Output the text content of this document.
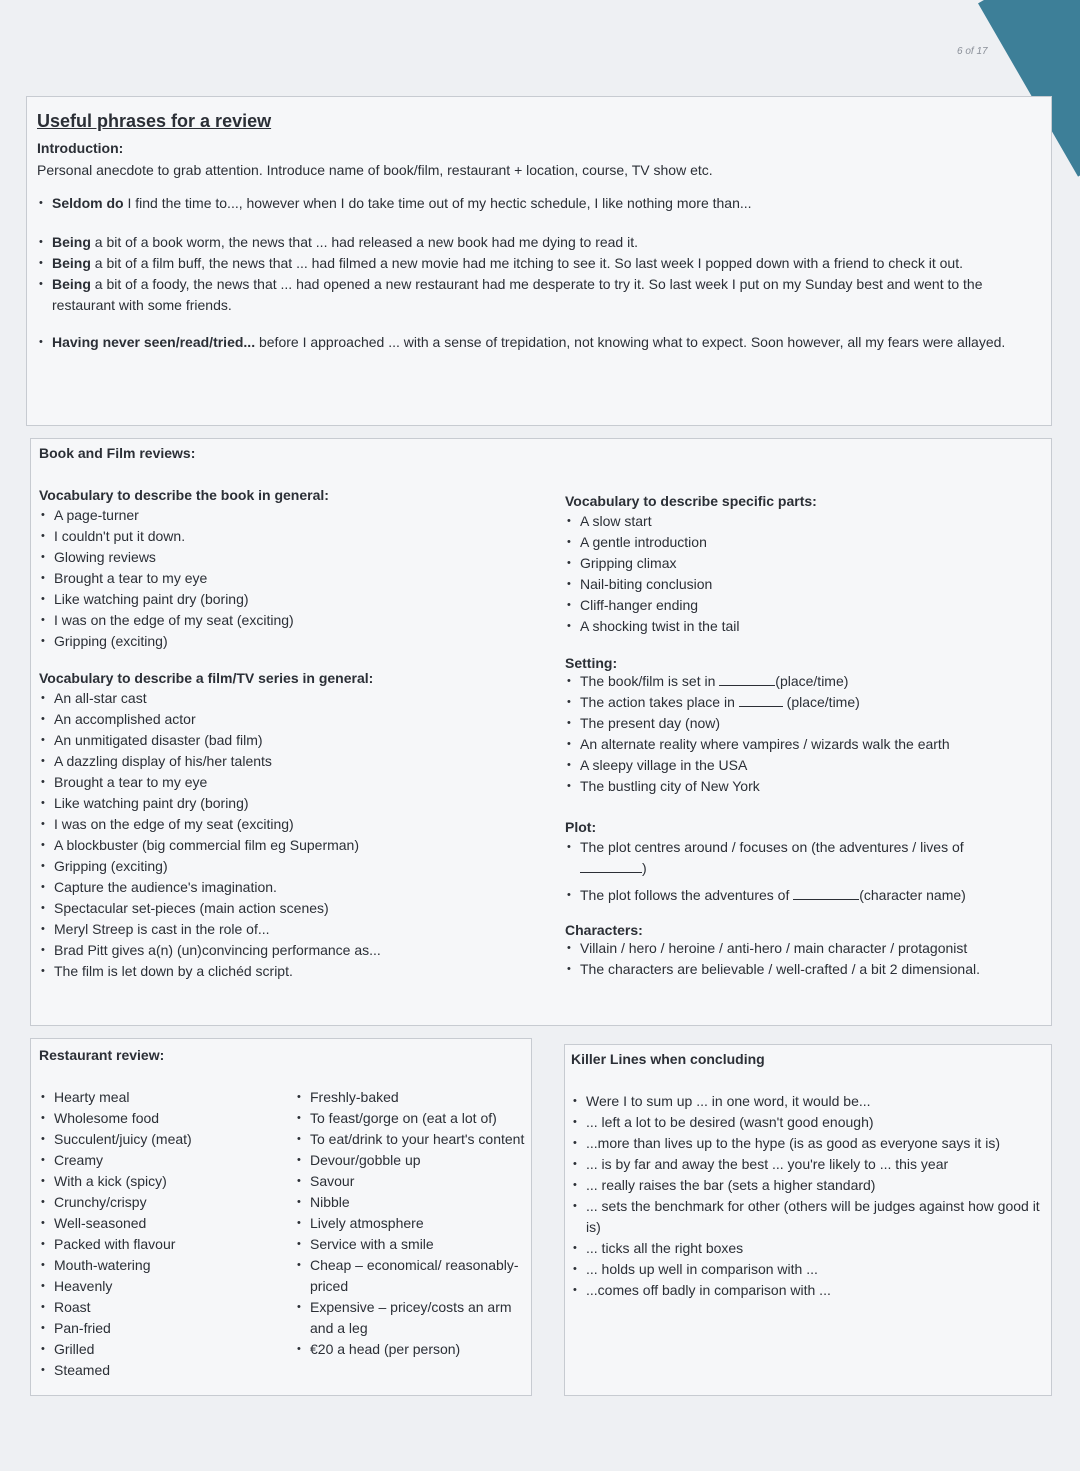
6 of 17
Useful phrases for a review
Introduction:
Personal anecdote to grab attention. Introduce name of book/film, restaurant + location, course, TV show etc.
• Seldom do I find the time to..., however when I do take time out of my hectic schedule, I like nothing more than...
• Being a bit of a book worm, the news that ... had released a new book had me dying to read it.
• Being a bit of a film buff, the news that ... had filmed a new movie had me itching to see it. So last week I popped down with a friend to check it out.
• Being a bit of a foody, the news that ... had opened a new restaurant had me desperate to try it. So last week I put on my Sunday best and went to the restaurant with some friends.
• Having never seen/read/tried... before I approached ... with a sense of trepidation, not knowing what to expect. Soon however, all my fears were allayed.
Book and Film reviews:
Vocabulary to describe the book in general:
• A page-turner
• I couldn't put it down.
• Glowing reviews
• Brought a tear to my eye
• Like watching paint dry (boring)
• I was on the edge of my seat (exciting)
• Gripping (exciting)
Vocabulary to describe a film/TV series in general:
• An all-star cast
• An accomplished actor
• An unmitigated disaster (bad film)
• A dazzling display of his/her talents
• Brought a tear to my eye
• Like watching paint dry (boring)
• I was on the edge of my seat (exciting)
• A blockbuster (big commercial film eg Superman)
• Gripping (exciting)
• Capture the audience's imagination.
• Spectacular set-pieces (main action scenes)
• Meryl Streep is cast in the role of...
• Brad Pitt gives a(n) (un)convincing performance as...
• The film is let down by a clichéd script.
Vocabulary to describe specific parts:
• A slow start
• A gentle introduction
• Gripping climax
• Nail-biting conclusion
• Cliff-hanger ending
• A shocking twist in the tail
Setting:
• The book/film is set in	(place/time)
• The action takes place in	(place/time)
• The present day (now)
• An alternate reality where vampires / wizards walk the earth
• A sleepy village in the USA
• The bustling city of New York
Plot:
• The plot centres around / focuses on (the adventures / lives of
)
• The plot follows the adventures of	(character name)
Characters:
• Villain / hero / heroine / anti-hero / main character / protagonist
• The characters are believable / well-crafted / a bit 2 dimensional.
Restaurant review:
• Hearty meal
• Wholesome food
• Succulent/juicy (meat)
• Creamy
• With a kick (spicy)
• Crunchy/crispy
• Well-seasoned
• Packed with flavour
• Mouth-watering
• Heavenly
• Roast
• Pan-fried
• Grilled
• Steamed
• Freshly-baked
• To feast/gorge on (eat a lot of)
• To eat/drink to your heart's content
• Devour/gobble up
• Savour
• Nibble
• Lively atmosphere
• Service with a smile
• Cheap – economical/ reasonably-priced
• Expensive – pricey/costs an arm and a leg
• €20 a head (per person)
Killer Lines when concluding
• Were I to sum up ... in one word, it would be...
• ... left a lot to be desired (wasn't good enough)
• ...more than lives up to the hype (is as good as everyone says it is)
• ... is by far and away the best ... you're likely to ... this year
• ... really raises the bar (sets a higher standard)
• ... sets the benchmark for other (others will be judges against how good it is)
• ... ticks all the right boxes
• ... holds up well in comparison with ...
• ...comes off badly in comparison with ...
